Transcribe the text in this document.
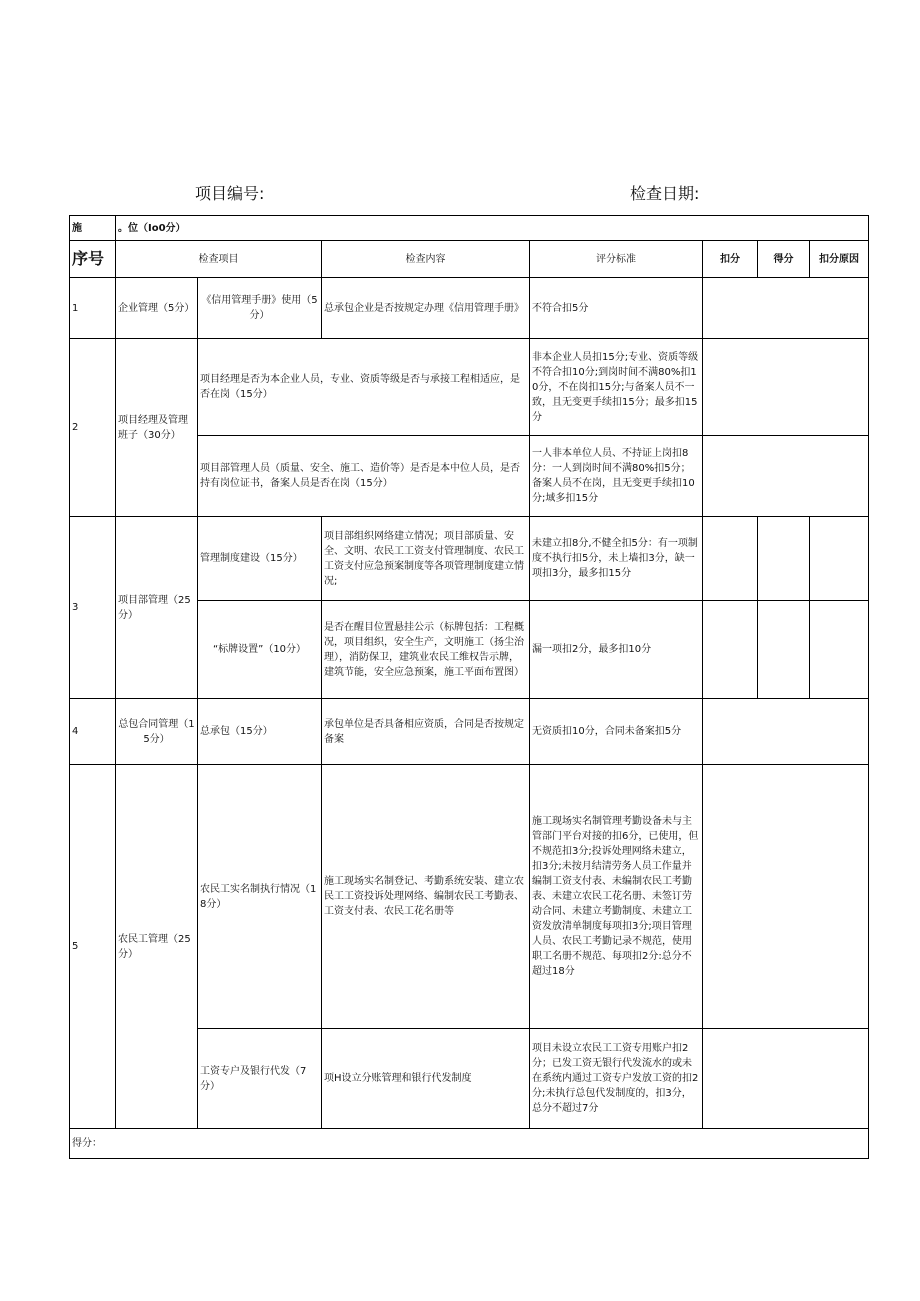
项目编号:	检查日期:
施	。位（Io0分）						
序号	检查项目		检查内容	评分标准	扣分	得分	扣分原因
1	企业管理（5分）	《信用管理手册》使用（5分）	总承包企业是否按规定办理《信用管理手册》	不符合扣5分			
2	项目经理及管理班子（30分）	项目经理是否为本企业人员，专业、资质等级是否与承接工程相适应，是否在岗（15分）		非本企业人员扣15分;专业、资质等级不符合扣10分;到岗时间不满80%扣10分，不在岗扣15分;与备案人员不一致，且无变更手续扣15分；最多扣15分			
		项目部管理人员（质量、安全、施工、造价等）是否是本中位人员，是否持有岗位证书，备案人员是否在岗（15分）		一人非本单位人员、不持证上岗扣8分：一人到岗时间不满80%扣5分；备案人员不在岗，且无变更手续扣10分;域多扣15分			
3	项目部管理（25分）	管理制度建设（15分）	项目部组织网络建立情况；项目部质量、安全、文明、农民工工资支付管理制度、农民工工资支付应急预案制度等各项管理制度建立情况;	未建立扣8分,不健全扣5分：有一项制度不执行扣5分，未上墙扣3分，缺一项扣3分，最多扣15分			
		“标牌设置”（10分）	是否在醒目位置悬挂公示（标牌包括：工程概况，项目组织，安全生产，文明施工（扬尘治理），消防保卫，建筑业农民工维权告示牌，建筑节能，安全应急预案，施工平面布置图）	漏一项扣2分，最多扣10分			
4	总包合同管理（15分）	总承包（15分）	承包单位是否具备相应资质，合同是否按规定备案	无资质扣10分，合同未备案扣5分			
5	农民工管理（25分）	农民工实名制执行情况（18分）	施工现场实名制登记、考勤系统安装、建立农民工工资投诉处理网络、编制农民工考勤表、工资支付表、农民工花名册等	施工现场实名制管理考勤设备未与主管部门平台对接的扣6分，已使用，但不规范扣3分;投诉处理网络未建立，扣3分;未按月结清劳务人员工作量并编制工资支付表、未编制农民工考勤表、未建立农民工花名册、未签订劳动合同、未建立考勤制度、未建立工资发放清单制度每项扣3分;项目管理人员、农民工考勤记录不规范，使用职工名册不规范、每项扣2分:总分不超过18分			
		工资专户及银行代发（7分）	项H设立分账管理和银行代发制度	项目未设立农民工工资专用账户扣2分；已发工资无银行代发流水的或未在系统内通过工资专户发放工资的扣2分;未执行总包代发制度的，扣3分，总分不超过7分			
得分：							
